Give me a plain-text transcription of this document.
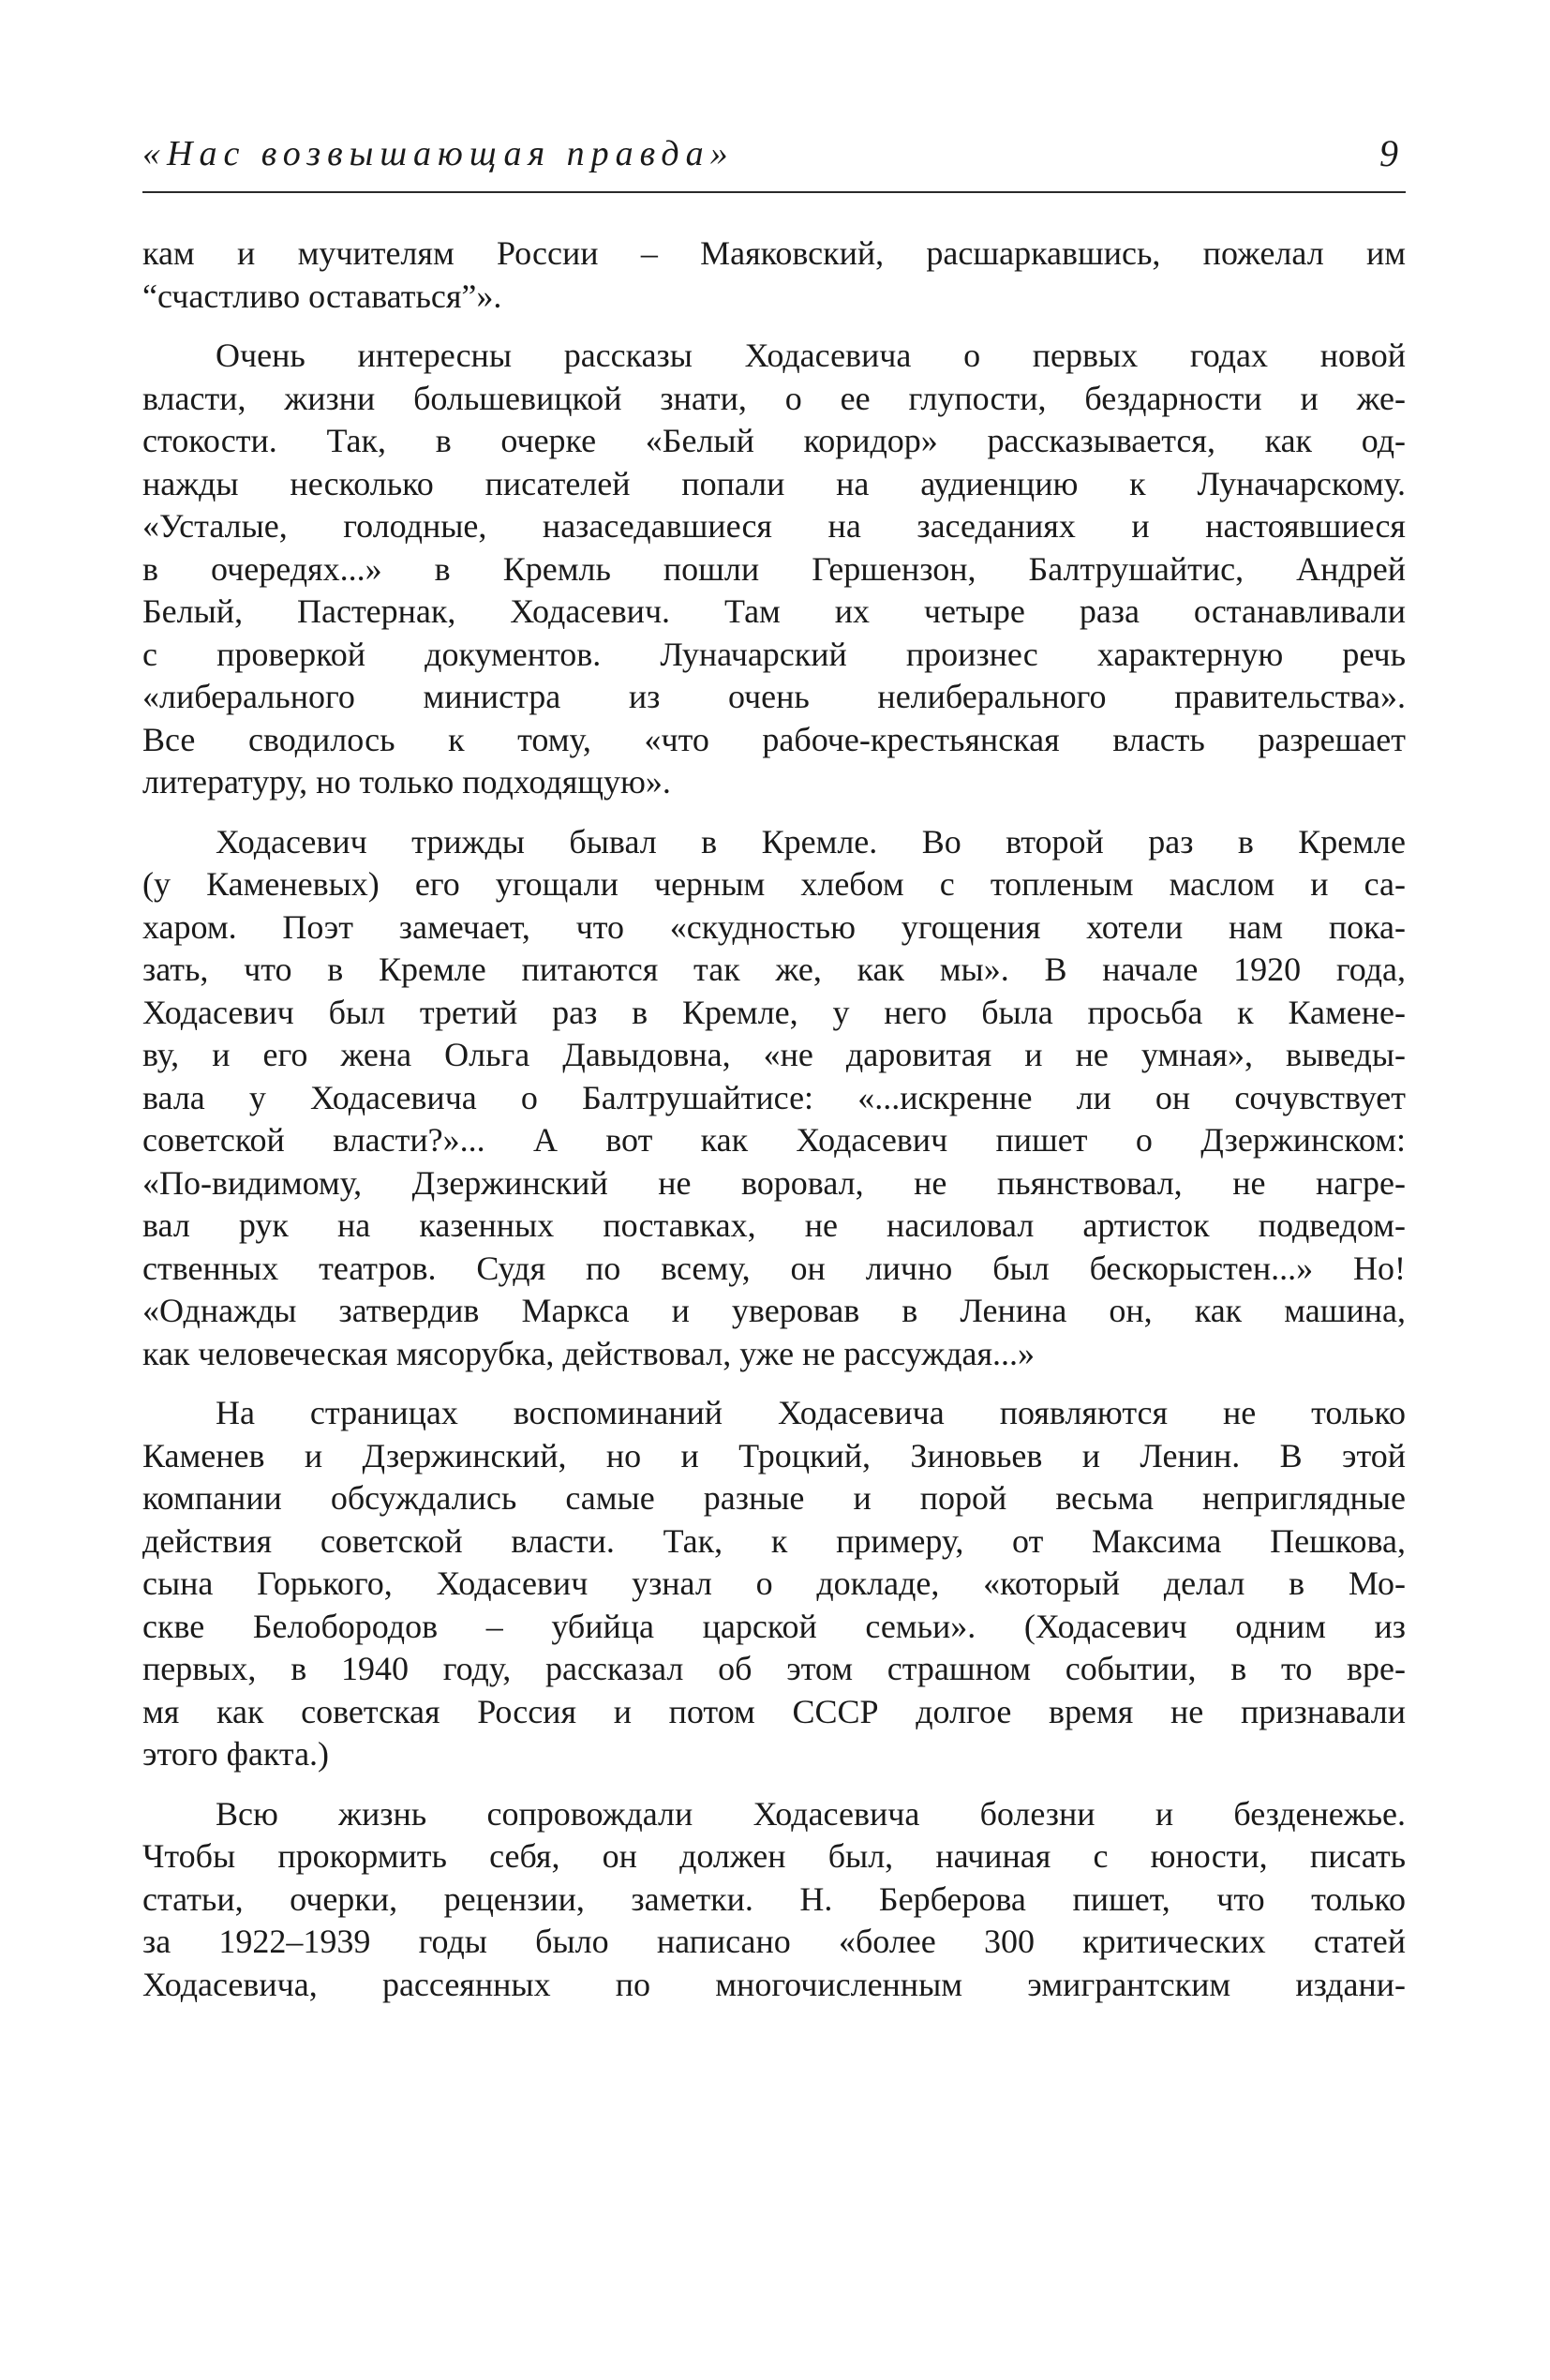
«Нас возвышающая правда»	9
кам и мучителям России – Маяковский, расшаркавшись, пожелал им
“счастливо оставаться”».
Очень интересны рассказы Ходасевича о первых годах новой
власти, жизни большевицкой знати, о ее глупости, бездарности и же-
стокости. Так, в очерке «Белый коридор» рассказывается, как од-
нажды несколько писателей попали на аудиенцию к Луначарскому.
«Усталые, голодные, назаседавшиеся на заседаниях и настоявшиеся
в очередях...» в Кремль пошли Гершензон, Балтрушайтис, Андрей
Белый, Пастернак, Ходасевич. Там их четыре раза останавливали
с проверкой документов. Луначарский произнес характерную речь
«либерального министра из очень нелиберального правительства».
Все сводилось к тому, «что рабоче-крестьянская власть разрешает
литературу, но только подходящую».
Ходасевич трижды бывал в Кремле. Во второй раз в Кремле
(у Каменевых) его угощали черным хлебом с топленым маслом и са-
харом. Поэт замечает, что «скудностью угощения хотели нам пока-
зать, что в Кремле питаются так же, как мы». В начале 1920 года,
Ходасевич был третий раз в Кремле, у него была просьба к Камене-
ву, и его жена Ольга Давыдовна, «не даровитая и не умная», выведы-
вала у Ходасевича о Балтрушайтисе: «...искренне ли он сочувствует
советской власти?»... А вот как Ходасевич пишет о Дзержинском:
«По-видимому, Дзержинский не воровал, не пьянствовал, не нагре-
вал рук на казенных поставках, не насиловал артисток подведом-
ственных театров. Судя по всему, он лично был бескорыстен...» Но!
«Однажды затвердив Маркса и уверовав в Ленина он, как машина,
как человеческая мясорубка, действовал, уже не рассуждая...»
На страницах воспоминаний Ходасевича появляются не только
Каменев и Дзержинский, но и Троцкий, Зиновьев и Ленин. В этой
компании обсуждались самые разные и порой весьма неприглядные
действия советской власти. Так, к примеру, от Максима Пешкова,
сына Горького, Ходасевич узнал о докладе, «который делал в Мо-
скве Белобородов – убийца царской семьи». (Ходасевич одним из
первых, в 1940 году, рассказал об этом страшном событии, в то вре-
мя как советская Россия и потом СССР долгое время не признавали
этого факта.)
Всю жизнь сопровождали Ходасевича болезни и безденежье.
Чтобы прокормить себя, он должен был, начиная с юности, писать
статьи, очерки, рецензии, заметки. Н. Берберова пишет, что только
за 1922–1939 годы было написано «более 300 критических статей
Ходасевича, рассеянных по многочисленным эмигрантским издани-
